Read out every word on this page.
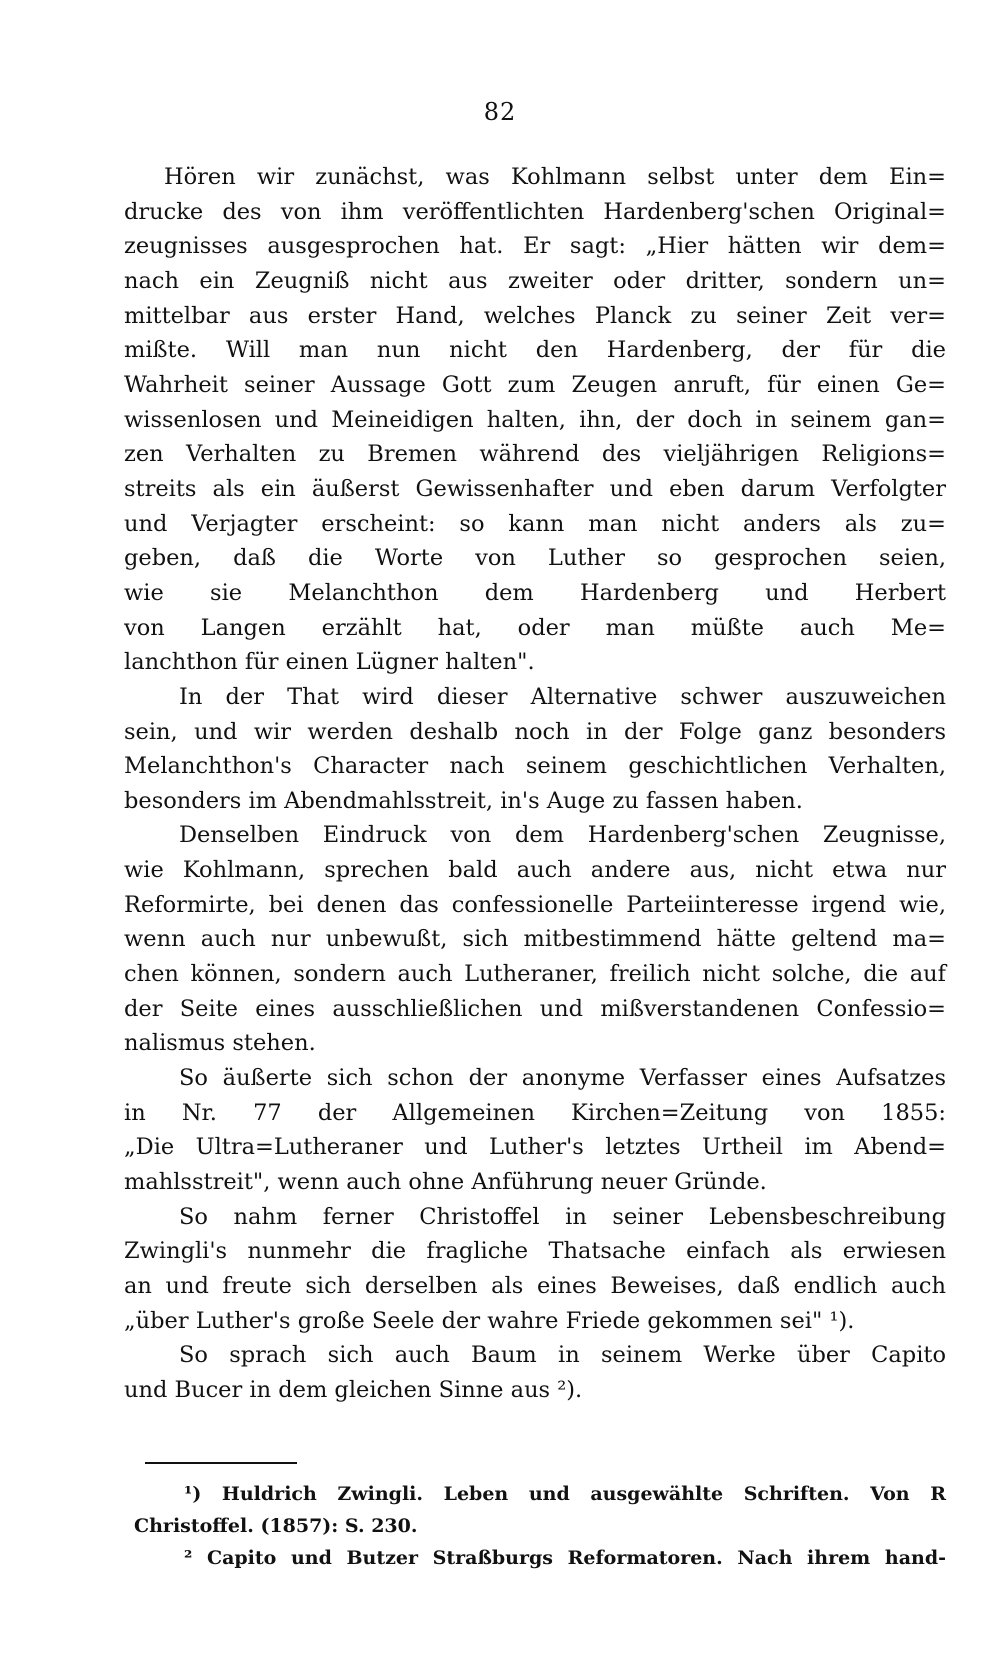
82
Hören wir zunächst, was Kohlmann selbst unter dem Ein=
drucke des von ihm veröffentlichten Hardenberg'schen Original=
zeugnisses ausgesprochen hat. Er sagt: „Hier hätten wir dem=
nach ein Zeugniß nicht aus zweiter oder dritter, sondern un=
mittelbar aus erster Hand, welches Planck zu seiner Zeit ver=
mißte. Will man nun nicht den Hardenberg, der für die
Wahrheit seiner Aussage Gott zum Zeugen anruft, für einen Ge=
wissenlosen und Meineidigen halten, ihn, der doch in seinem gan=
zen Verhalten zu Bremen während des vieljährigen Religions=
streits als ein äußerst Gewissenhafter und eben darum Verfolgter
und Verjagter erscheint: so kann man nicht anders als zu=
geben, daß die Worte von Luther so gesprochen seien,
wie sie Melanchthon dem Hardenberg und Herbert
von Langen erzählt hat, oder man müßte auch Me=
lanchthon für einen Lügner halten".
In der That wird dieser Alternative schwer auszuweichen
sein, und wir werden deshalb noch in der Folge ganz besonders
Melanchthon's Character nach seinem geschichtlichen Verhalten,
besonders im Abendmahlsstreit, in's Auge zu fassen haben.
Denselben Eindruck von dem Hardenberg'schen Zeugnisse,
wie Kohlmann, sprechen bald auch andere aus, nicht etwa nur
Reformirte, bei denen das confessionelle Parteiinteresse irgend wie,
wenn auch nur unbewußt, sich mitbestimmend hätte geltend ma=
chen können, sondern auch Lutheraner, freilich nicht solche, die auf
der Seite eines ausschließlichen und mißverstandenen Confessio=
nalismus stehen.
So äußerte sich schon der anonyme Verfasser eines Aufsatzes
in Nr. 77 der Allgemeinen Kirchen=Zeitung von 1855:
„Die Ultra=Lutheraner und Luther's letztes Urtheil im Abend=
mahlsstreit", wenn auch ohne Anführung neuer Gründe.
So nahm ferner Christoffel in seiner Lebensbeschreibung
Zwingli's nunmehr die fragliche Thatsache einfach als erwiesen
an und freute sich derselben als eines Beweises, daß endlich auch
„über Luther's große Seele der wahre Friede gekommen sei" ¹).
So sprach sich auch Baum in seinem Werke über Capito
und Bucer in dem gleichen Sinne aus ²).
¹) Huldrich Zwingli. Leben und ausgewählte Schriften. Von R
Christoffel. (1857): S. 230.
² Capito und Butzer Straßburgs Reformatoren. Nach ihrem hand-
